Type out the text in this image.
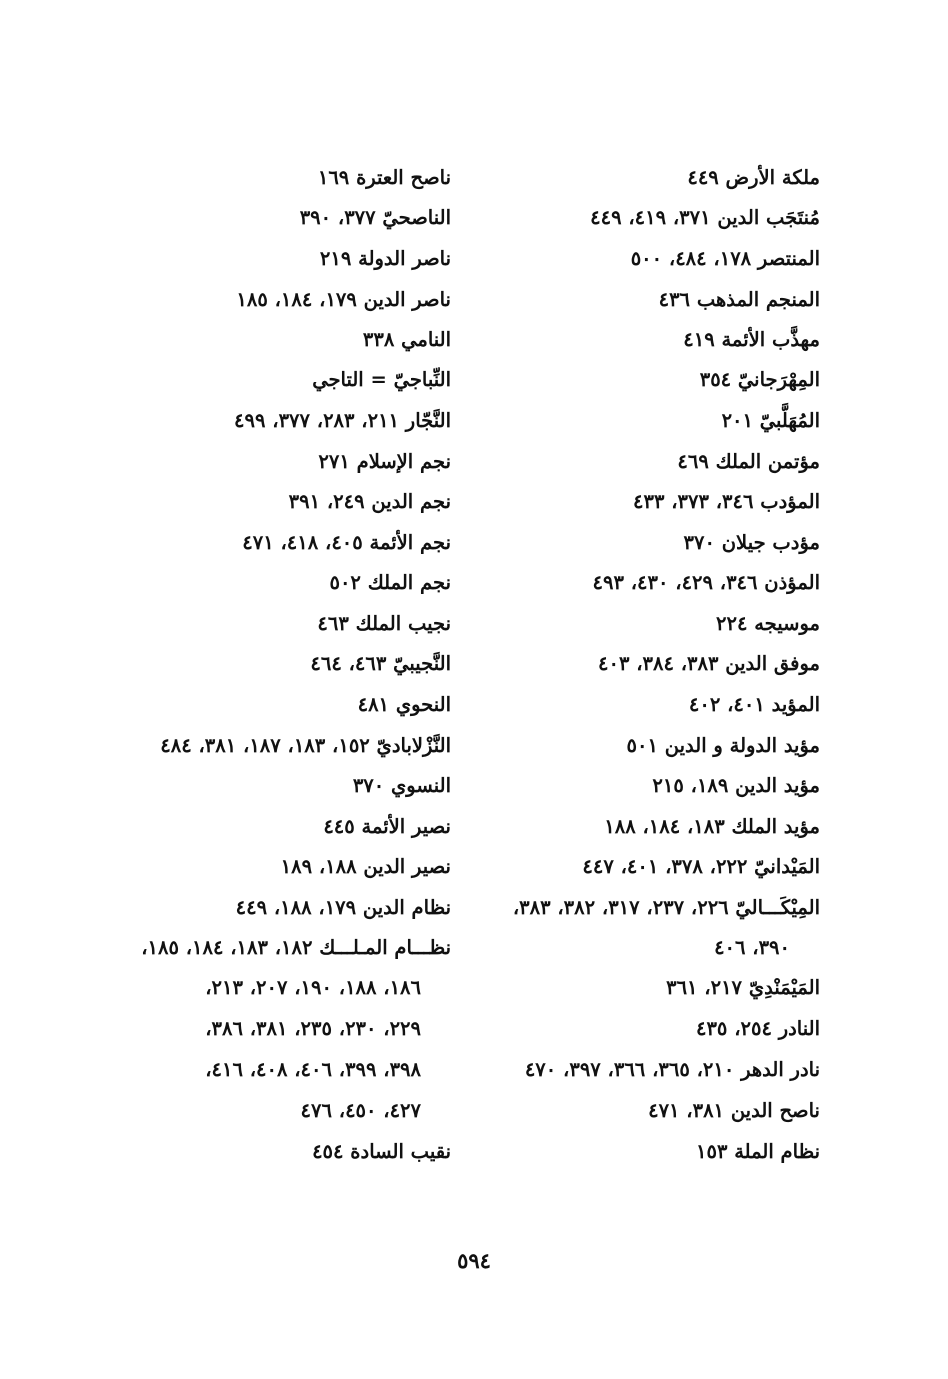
ملكة الأرض ٤٤٩
مُنتَجَب الدين ٣٧١، ٤١٩، ٤٤٩
المنتصر ١٧٨، ٤٨٤، ٥٠٠
المنجم المذهب ٤٣٦
مهذَّب الأئمة ٤١٩
المِهْرَجانيّ ٣٥٤
المُهَلَّبيّ ٢٠١
مؤتمن الملك ٤٦٩
المؤدب ٣٤٦، ٣٧٣، ٤٣٣
مؤدب جيلان ٣٧٠
المؤذن ٣٤٦، ٤٢٩، ٤٣٠، ٤٩٣
موسيجه ٢٢٤
موفق الدين ٣٨٣، ٣٨٤، ٤٠٣
المؤيد ٤٠١، ٤٠٢
مؤيد الدولة و الدين ٥٠١
مؤيد الدين ١٨٩، ٢١٥
مؤيد الملك ١٨٣، ١٨٤، ١٨٨
المَيْدانيّ ٢٢٢، ٣٧٨، ٤٠١، ٤٤٧
المِيْكَـــاليّ ٢٢٦، ٢٣٧، ٣١٧، ٣٨٢، ٣٨٣،
٣٩٠، ٤٠٦
المَيْمَنْدِيّ ٢١٧، ٣٦١
النادر ٢٥٤، ٤٣٥
نادر الدهر ٢١٠، ٣٦٥، ٣٦٦، ٣٩٧، ٤٧٠
ناصح الدين ٣٨١، ٤٧١
نظام الملة ١٥٣
ناصح العترة ١٦٩
الناصحيّ ٣٧٧، ٣٩٠
ناصر الدولة ٢١٩
ناصر الدين ١٧٩، ١٨٤، ١٨٥
النامي ٣٣٨
النِّباجيّ = التاجي
النَّجّار ٢١١، ٢٨٣، ٣٧٧، ٤٩٩
نجم الإسلام ٢٧١
نجم الدين ٢٤٩، ٣٩١
نجم الأئمة ٤٠٥، ٤١٨، ٤٧١
نجم الملك ٥٠٢
نجيب الملك ٤٦٣
النَّجيبيّ ٤٦٣، ٤٦٤
النحوي ٤٨١
النَّزْلاباديّ ١٥٢، ١٨٣، ١٨٧، ٣٨١، ٤٨٤
النسوي ٣٧٠
نصير الأئمة ٤٤٥
نصير الدين ١٨٨، ١٨٩
نظام الدين ١٧٩، ١٨٨، ٤٤٩
نظـــام المـلـــك ١٨٢، ١٨٣، ١٨٤، ١٨٥،
١٨٦، ١٨٨، ١٩٠، ٢٠٧، ٢١٣،
٢٢٩، ٢٣٠، ٢٣٥، ٣٨١، ٣٨٦،
٣٩٨، ٣٩٩، ٤٠٦، ٤٠٨، ٤١٦،
٤٢٧، ٤٥٠، ٤٧٦
نقيب السادة ٤٥٤
٥٩٤
